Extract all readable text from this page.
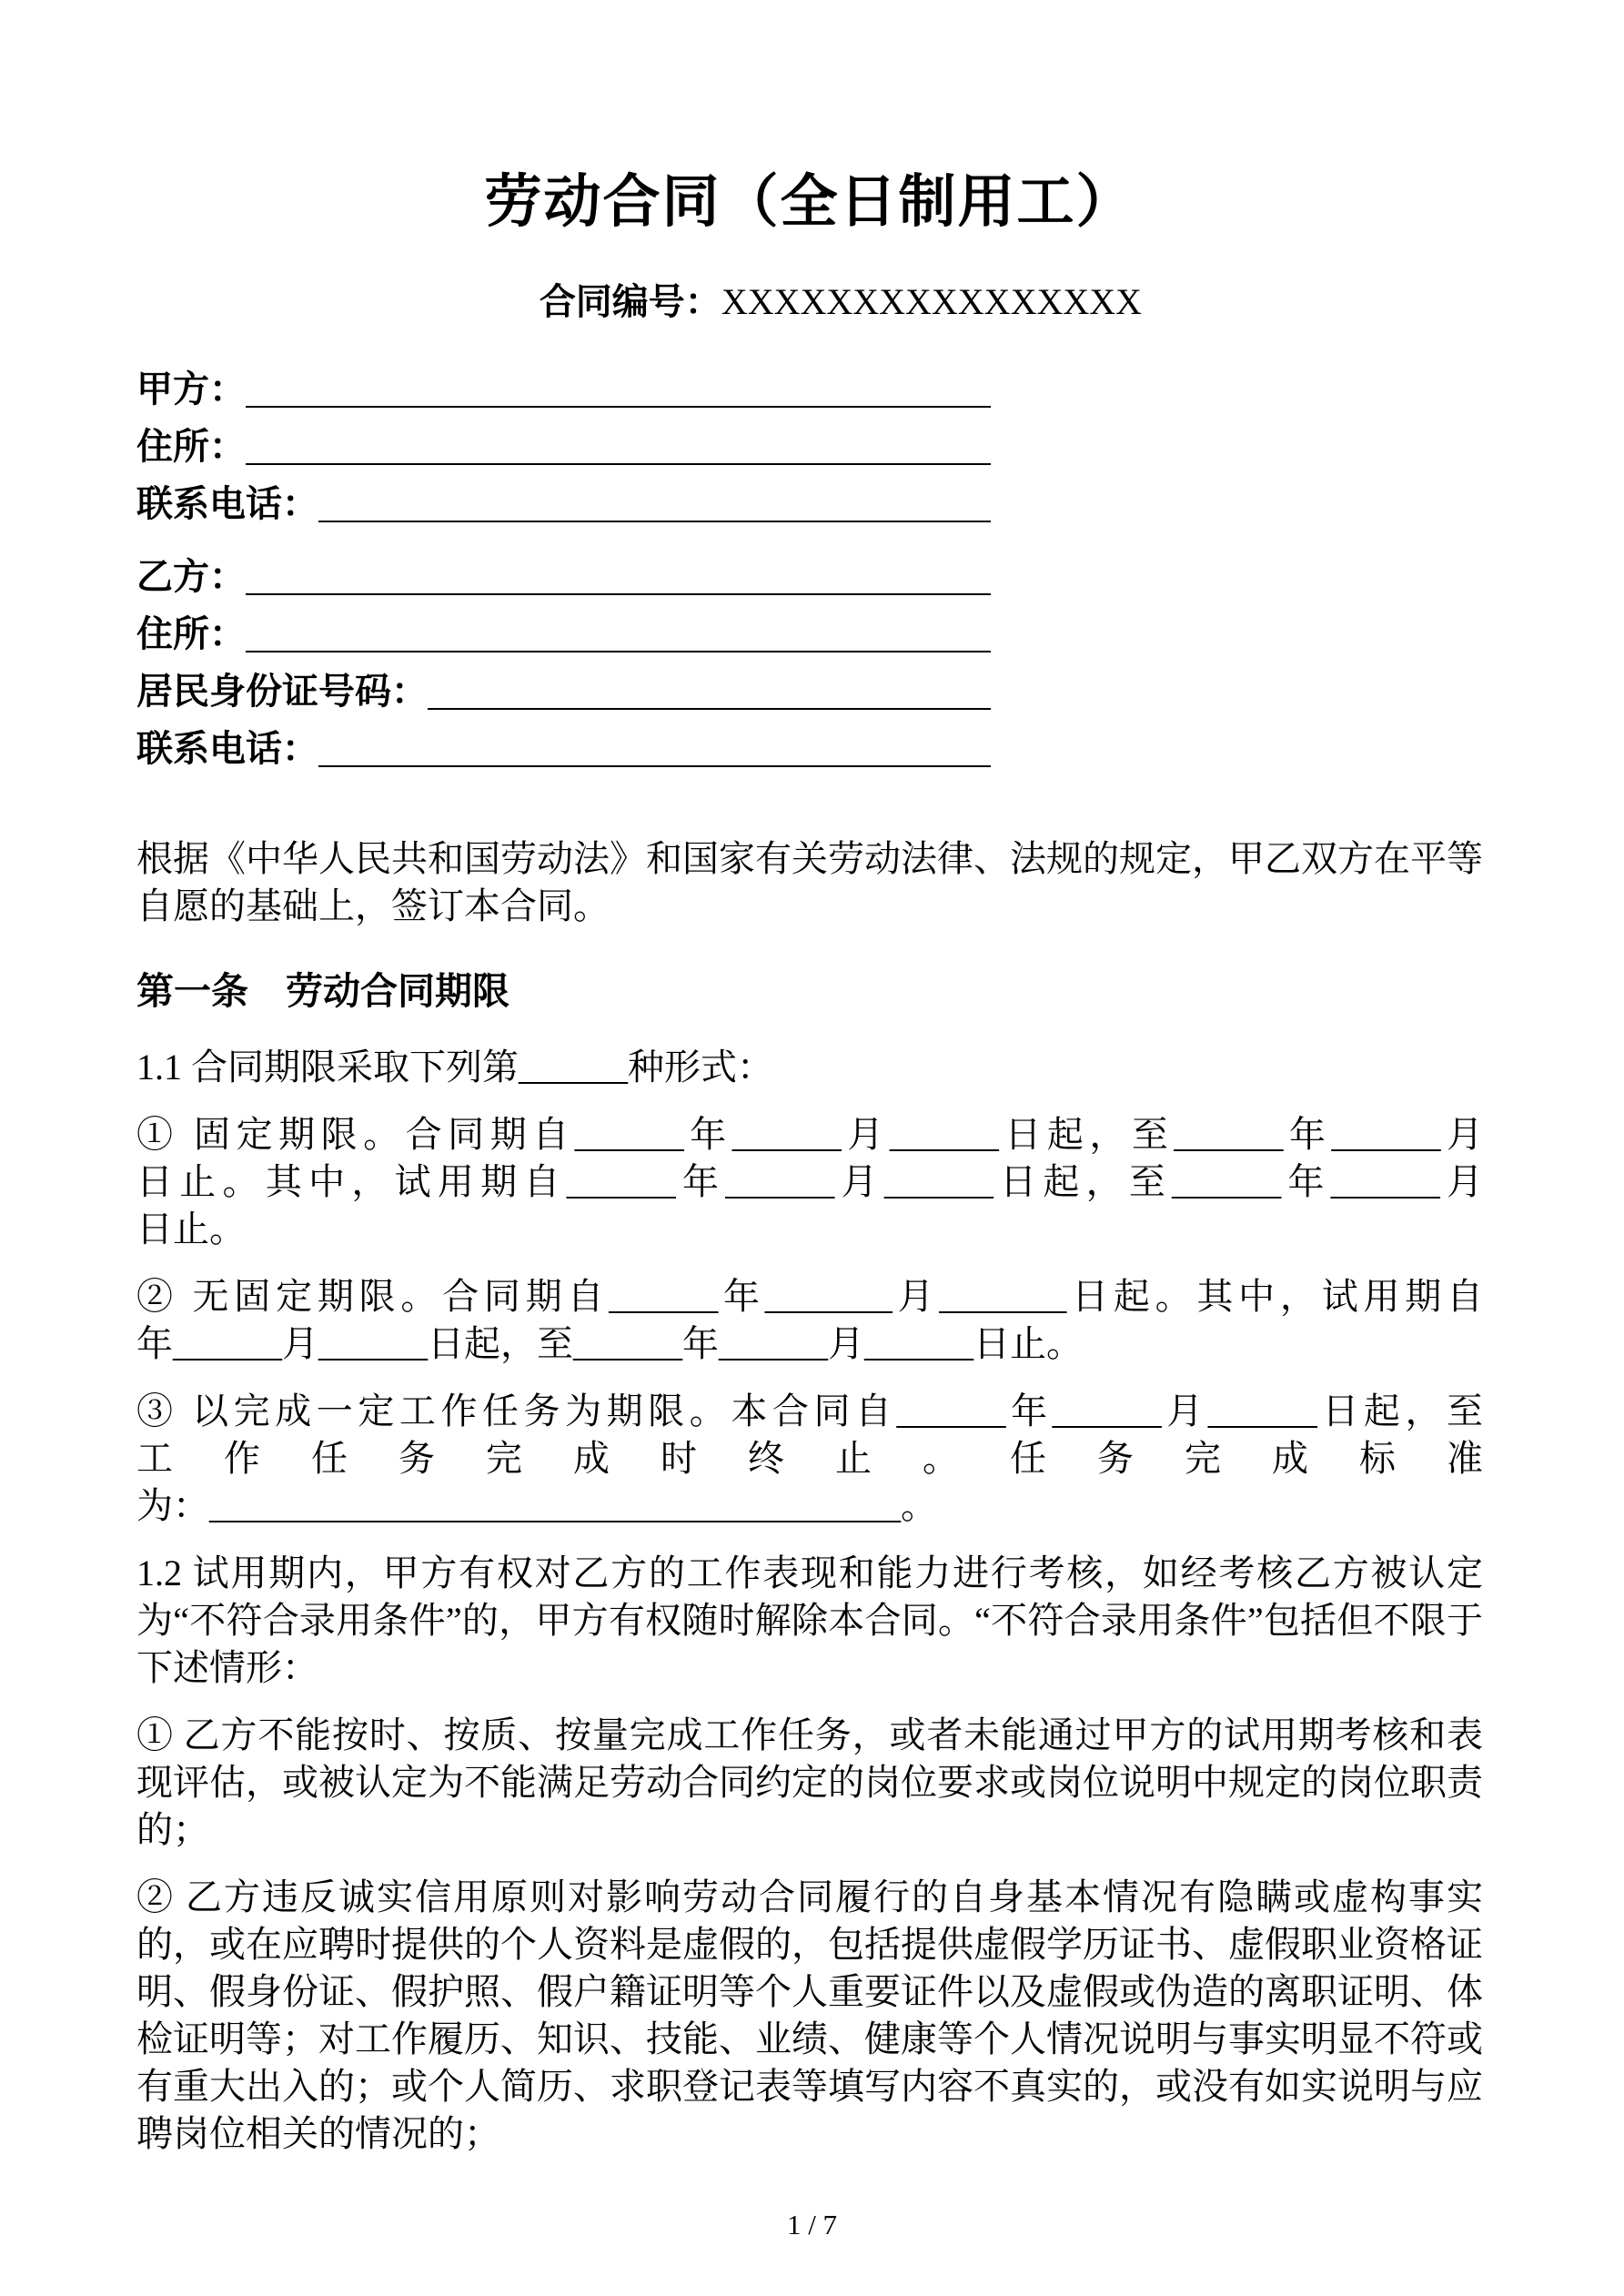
劳动合同（全日制用工）
合同编号：XXXXXXXXXXXXXXXX
甲方：
住所：
联系电话：
乙方：
住所：
居民身份证号码：
联系电话：

根据《中华人民共和国劳动法》和国家有关劳动法律、法规的规定，甲乙双方在平等自愿的基础上，签订本合同。

第一条　劳动合同期限

1.1 合同期限采取下列第______种形式：

① 固定期限。合同期自______年______月______日起，至______年______月
日止。其中，试用期自______年______月______日起，至______年______月
日止。
② 无固定期限。合同期自______年_______月_______日起。其中，试用期自
年______月______日起，至______年______月______日止。
③ 以完成一定工作任务为期限。本合同自______年______月______日起，至
工作任务完成时终止。任务完成标准
为：______________________________________。

1.2 试用期内，甲方有权对乙方的工作表现和能力进行考核，如经考核乙方被认定为“不符合录用条件”的，甲方有权随时解除本合同。“不符合录用条件”包括但不限于下述情形：

① 乙方不能按时、按质、按量完成工作任务，或者未能通过甲方的试用期考核和表现评估，或被认定为不能满足劳动合同约定的岗位要求或岗位说明中规定的岗位职责的；

② 乙方违反诚实信用原则对影响劳动合同履行的自身基本情况有隐瞒或虚构事实的，或在应聘时提供的个人资料是虚假的，包括提供虚假学历证书、虚假职业资格证明、假身份证、假护照、假户籍证明等个人重要证件以及虚假或伪造的离职证明、体检证明等；对工作履历、知识、技能、业绩、健康等个人情况说明与事实明显不符或有重大出入的；或个人简历、求职登记表等填写内容不真实的，或没有如实说明与应聘岗位相关的情况的；

1 / 7
